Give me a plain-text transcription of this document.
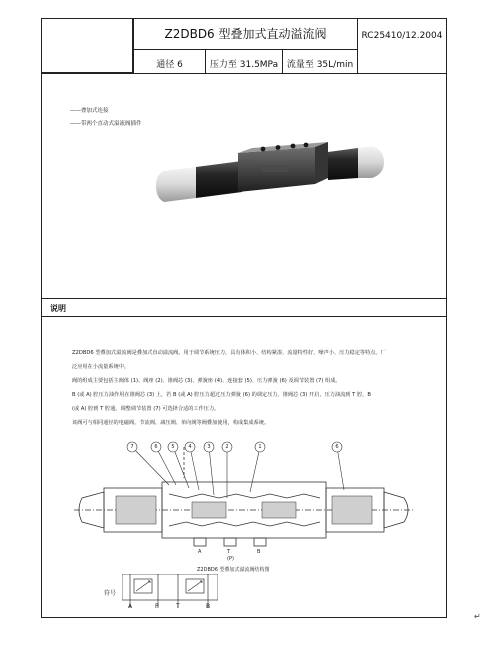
Z2DBD6 型叠加式直动溢流阀	RC25410/12.2004
通径 6	压力至 31.5MPa 流量至 35L/min
——叠加式连接
——带两个直动式溢流阀插件
说明
Z2DBD6 型叠加式溢流阀是叠加式直动溢流阀。用于调节系统压力，具有体积小、结构紧凑、流量特性好、噪声小、压力稳定等特点。厂
泛应用在小流量系统中。
阀的组成主要包括主阀体 (1)、阀座 (2)、锥阀芯 (3)、弹簧座 (4)、连接套 (5)、压力弹簧 (6) 及调节装置 (7) 组成。
B (或 A) 腔压力油作用在锥阀芯 (3) 上，若 B (或 A) 腔压力超过压力弹簧 (6) 的调定压力，锥阀芯 (3) 开启，压力油流到 T 腔，B
(或 A) 腔到 T 腔通。调整调节装置 (7) 可选择合适的工作压力。
该阀可与相同通径的电磁阀、节流阀、减压阀、单向阀等阀叠加使用，构成集成系统。
7	6	5	4	3	2	1	6
A	T	B
(P)
Z2DBD6 型叠加式溢流阀结构图
符号
A	P	T	B
↵
